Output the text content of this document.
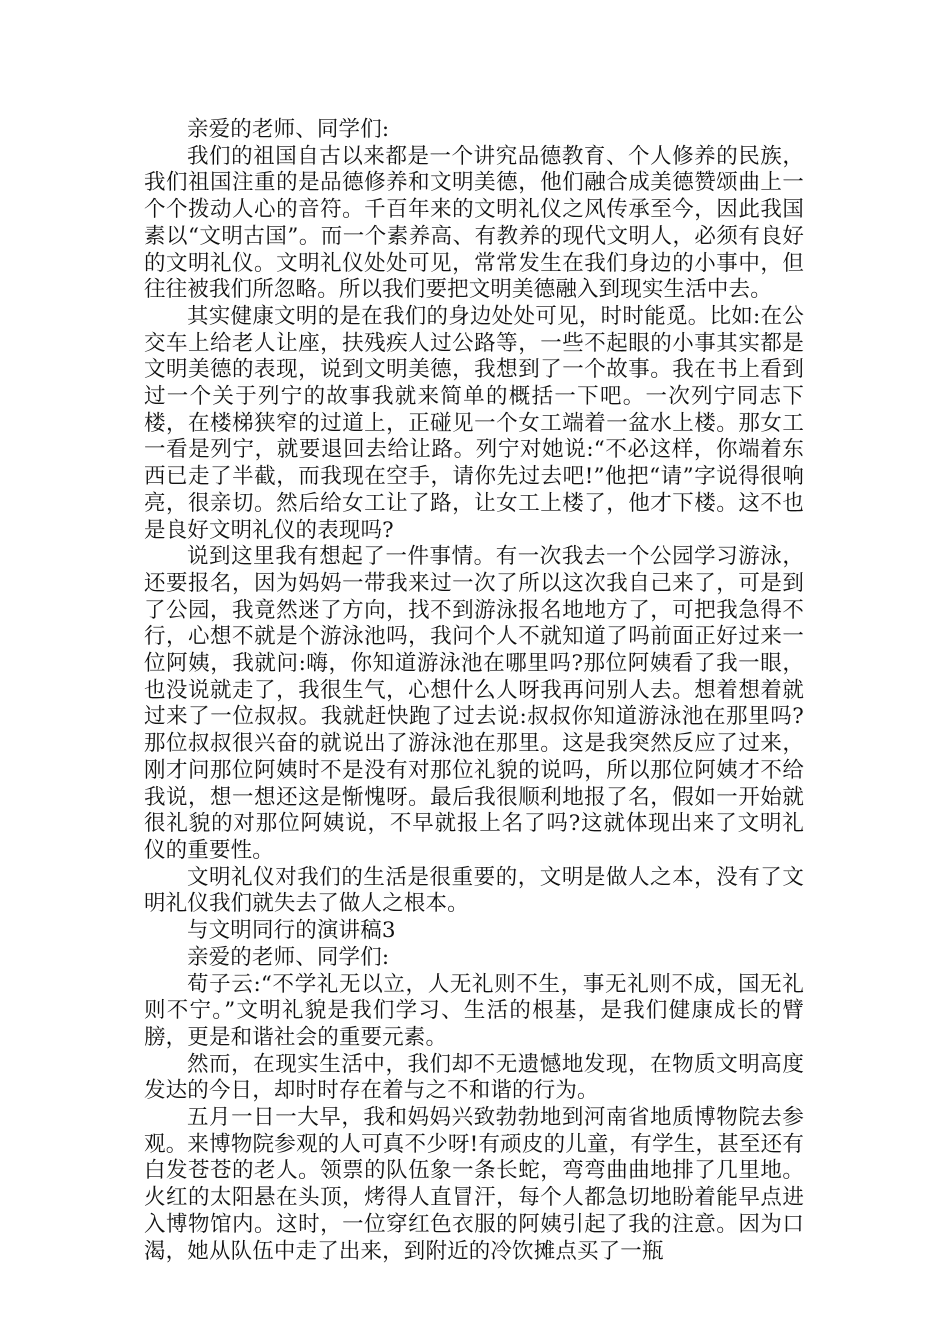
亲爱的老师、同学们:

我们的祖国自古以来都是一个讲究品德教育、个人修养的民族，我们祖国注重的是品德修养和文明美德，他们融合成美德赞颂曲上一个个拨动人心的音符。千百年来的文明礼仪之风传承至今，因此我国素以“文明古国”。而一个素养高、有教养的现代文明人，必须有良好的文明礼仪。文明礼仪处处可见，常常发生在我们身边的小事中，但往往被我们所忽略。所以我们要把文明美德融入到现实生活中去。

其实健康文明的是在我们的身边处处可见，时时能觅。比如:在公交车上给老人让座，扶残疾人过公路等，一些不起眼的小事其实都是文明美德的表现，说到文明美德，我想到了一个故事。我在书上看到过一个关于列宁的故事我就来简单的概括一下吧。一次列宁同志下楼，在楼梯狭窄的过道上，正碰见一个女工端着一盆水上楼。那女工一看是列宁，就要退回去给让路。列宁对她说:“不必这样，你端着东西已走了半截，而我现在空手，请你先过去吧!”他把“请”字说得很响亮，很亲切。然后给女工让了路，让女工上楼了，他才下楼。这不也是良好文明礼仪的表现吗?

说到这里我有想起了一件事情。有一次我去一个公园学习游泳，还要报名，因为妈妈一带我来过一次了所以这次我自己来了，可是到了公园，我竟然迷了方向，找不到游泳报名地地方了，可把我急得不行，心想不就是个游泳池吗，我问个人不就知道了吗前面正好过来一位阿姨，我就问:嗨，你知道游泳池在哪里吗?那位阿姨看了我一眼，也没说就走了，我很生气，心想什么人呀我再问别人去。想着想着就过来了一位叔叔。我就赶快跑了过去说:叔叔你知道游泳池在那里吗?那位叔叔很兴奋的就说出了游泳池在那里。这是我突然反应了过来，刚才问那位阿姨时不是没有对那位礼貌的说吗，所以那位阿姨才不给我说，想一想还这是惭愧呀。最后我很顺利地报了名，假如一开始就很礼貌的对那位阿姨说，不早就报上名了吗?这就体现出来了文明礼仪的重要性。

文明礼仪对我们的生活是很重要的，文明是做人之本，没有了文明礼仪我们就失去了做人之根本。

与文明同行的演讲稿3

亲爱的老师、同学们:

荀子云:“不学礼无以立，人无礼则不生，事无礼则不成，国无礼则不宁。”文明礼貌是我们学习、生活的根基，是我们健康成长的臂膀，更是和谐社会的重要元素。

然而，在现实生活中，我们却不无遗憾地发现，在物质文明高度发达的今日，却时时存在着与之不和谐的行为。

五月一日一大早，我和妈妈兴致勃勃地到河南省地质博物院去参观。来博物院参观的人可真不少呀!有顽皮的儿童，有学生，甚至还有白发苍苍的老人。领票的队伍象一条长蛇，弯弯曲曲地排了几里地。火红的太阳悬在头顶，烤得人直冒汗，每个人都急切地盼着能早点进入博物馆内。这时，一位穿红色衣服的阿姨引起了我的注意。因为口渴，她从队伍中走了出来，到附近的冷饮摊点买了一瓶
